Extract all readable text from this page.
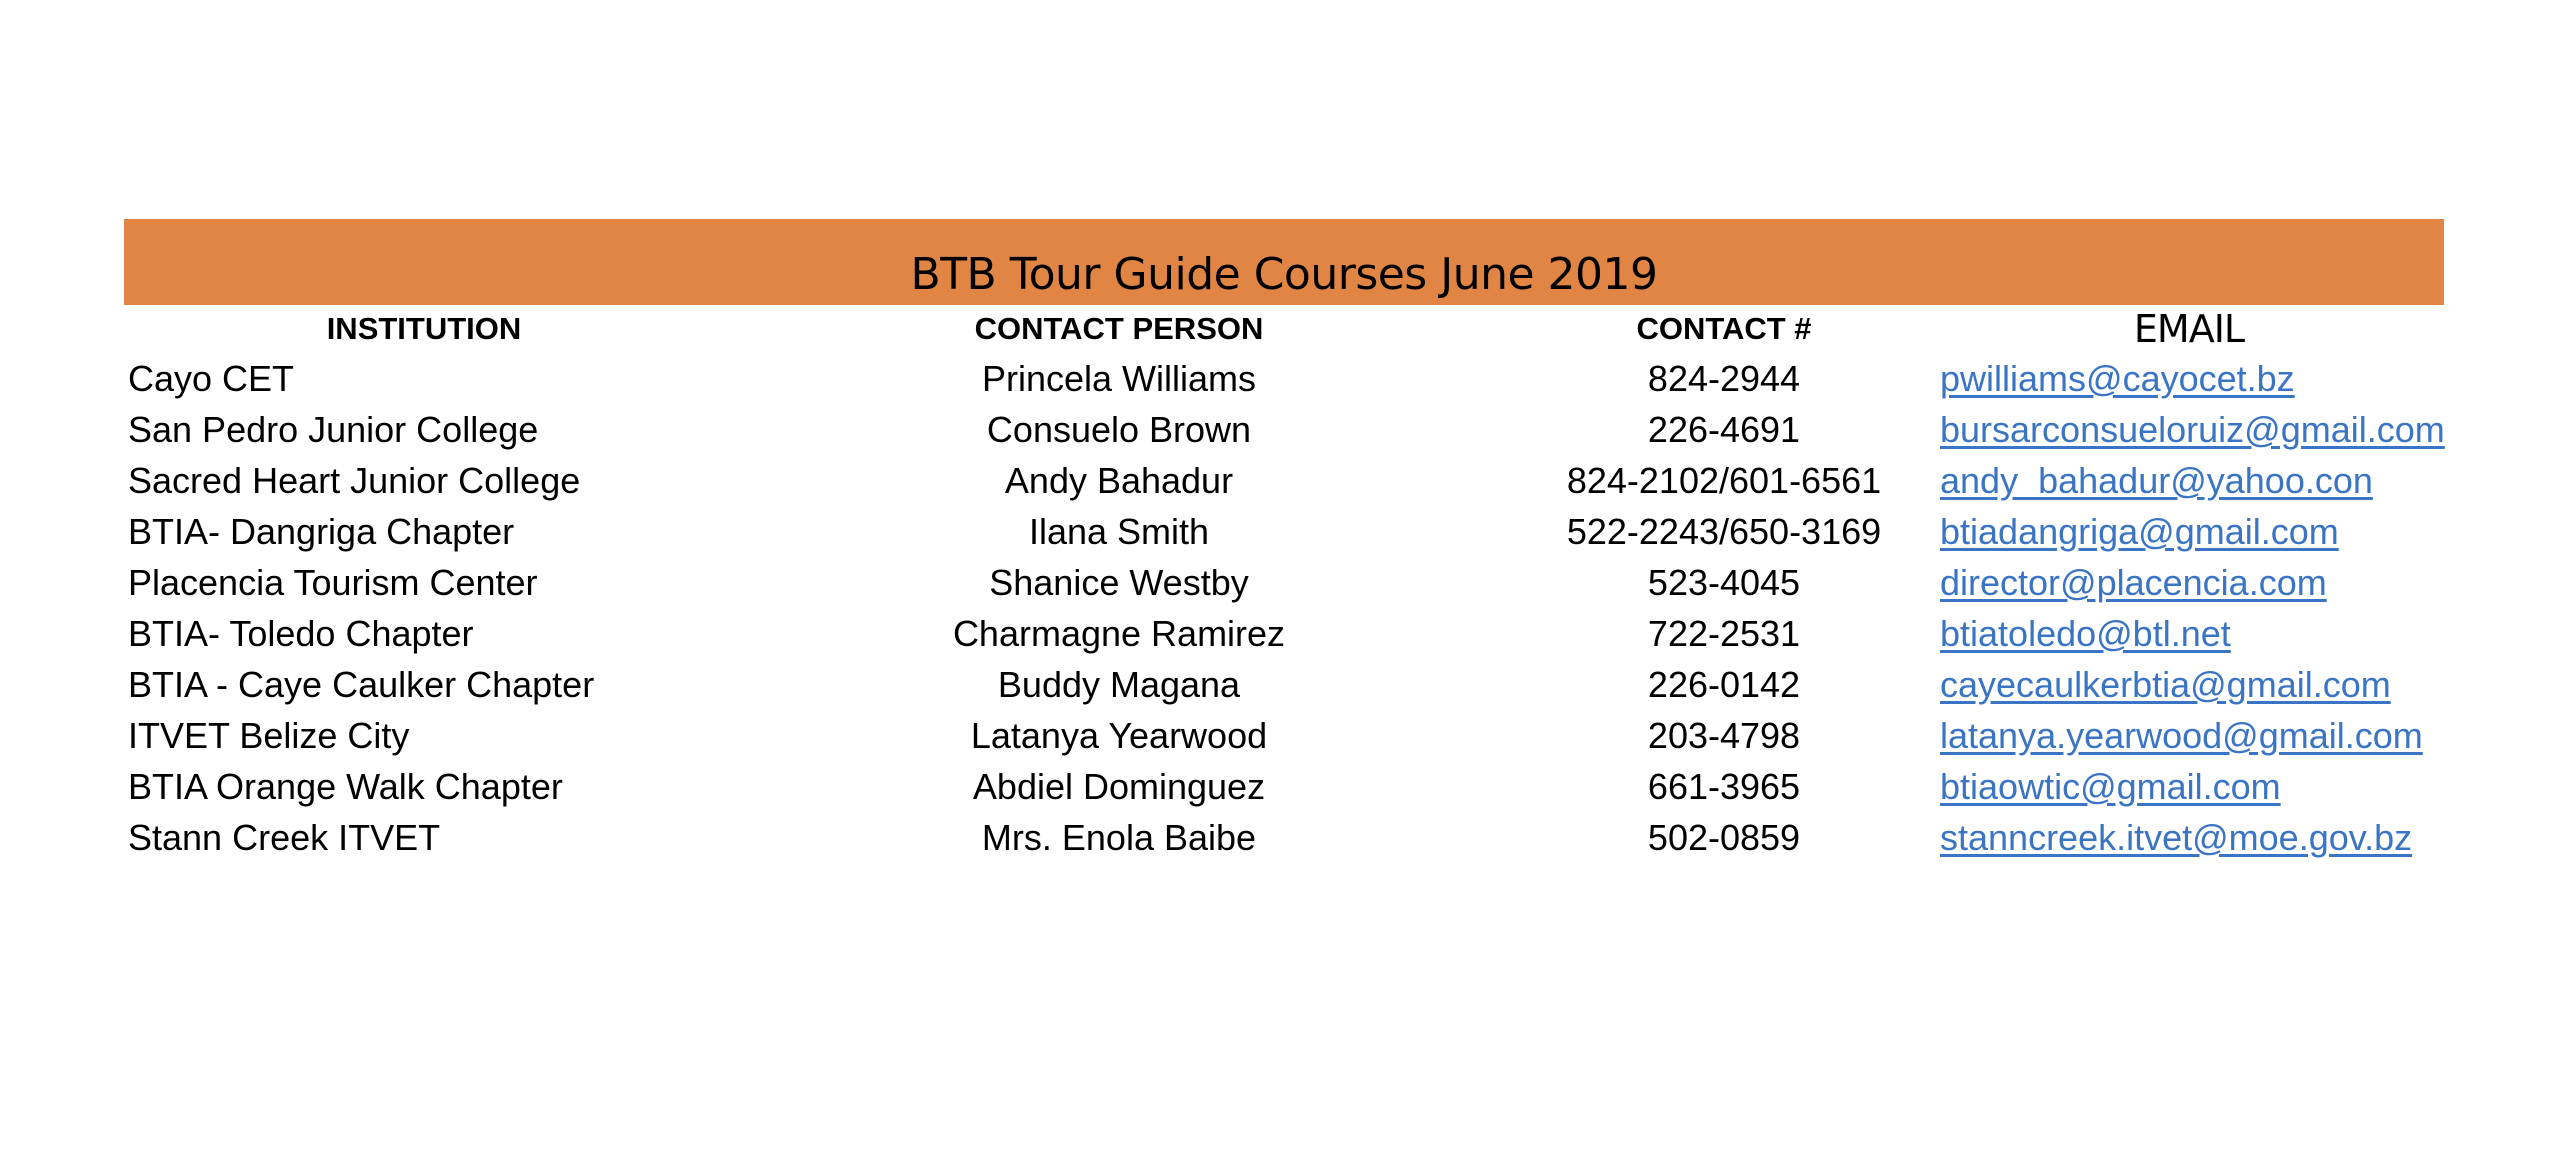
BTB Tour Guide Courses June 2019
INSTITUTION	CONTACT PERSON	CONTACT #	EMAIL
Cayo CET	Princela Williams	824-2944	pwilliams@cayocet.bz
San Pedro Junior College	Consuelo Brown	226-4691	bursarconsueloruiz@gmail.com
Sacred Heart Junior College	Andy Bahadur	824-2102/601-6561	andy_bahadur@yahoo.con
BTIA- Dangriga Chapter	Ilana Smith	522-2243/650-3169	btiadangriga@gmail.com
Placencia Tourism Center	Shanice Westby	523-4045	director@placencia.com
BTIA- Toledo Chapter	Charmagne Ramirez	722-2531	btiatoledo@btl.net
BTIA - Caye Caulker Chapter	Buddy Magana	226-0142	cayecaulkerbtia@gmail.com
ITVET Belize City	Latanya Yearwood	203-4798	latanya.yearwood@gmail.com
BTIA Orange Walk Chapter	Abdiel Dominguez	661-3965	btiaowtic@gmail.com
Stann Creek ITVET	Mrs. Enola Baibe	502-0859	stanncreek.itvet@moe.gov.bz
